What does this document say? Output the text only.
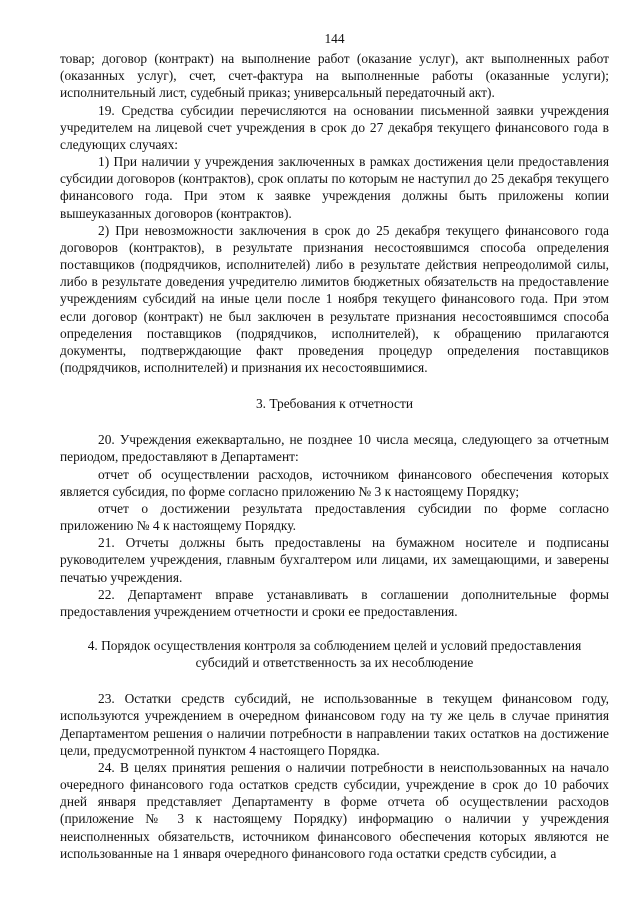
144

товар; договор (контракт) на выполнение работ (оказание услуг), акт выполненных работ (оказанных услуг), счет, счет-фактура на выполненные работы (оказанные услуги); исполнительный лист, судебный приказ; универсальный передаточный акт).

19. Средства субсидии перечисляются на основании письменной заявки учреждения учредителем на лицевой счет учреждения в срок до 27 декабря текущего финансового года в следующих случаях:

1) При наличии у учреждения заключенных в рамках достижения цели предоставления субсидии договоров (контрактов), срок оплаты по которым не наступил до 25 декабря текущего финансового года. При этом к заявке учреждения должны быть приложены копии вышеуказанных договоров (контрактов).

2) При невозможности заключения в срок до 25 декабря текущего финансового года договоров (контрактов), в результате признания несостоявшимся способа определения поставщиков (подрядчиков, исполнителей) либо в результате действия непреодолимой силы, либо в результате доведения учредителю лимитов бюджетных обязательств на предоставление учреждениям субсидий на иные цели после 1 ноября текущего финансового года. При этом если договор (контракт) не был заключен в результате признания несостоявшимся способа определения поставщиков (подрядчиков, исполнителей), к обращению прилагаются документы, подтверждающие факт проведения процедур определения поставщиков (подрядчиков, исполнителей) и признания их несостоявшимися.

3. Требования к отчетности

20. Учреждения ежеквартально, не позднее 10 числа месяца, следующего за отчетным периодом, предоставляют в Департамент:

отчет об осуществлении расходов, источником финансового обеспечения которых является субсидия, по форме согласно приложению № 3 к настоящему Порядку;

отчет о достижении результата предоставления субсидии по форме согласно приложению № 4 к настоящему Порядку.

21. Отчеты должны быть предоставлены на бумажном носителе и подписаны руководителем учреждения, главным бухгалтером или лицами, их замещающими, и заверены печатью учреждения.

22. Департамент вправе устанавливать в соглашении дополнительные формы предоставления учреждением отчетности и сроки ее предоставления.

4. Порядок осуществления контроля за соблюдением целей и условий предоставления субсидий и ответственность за их несоблюдение

23. Остатки средств субсидий, не использованные в текущем финансовом году, используются учреждением в очередном финансовом году на ту же цель в случае принятия Департаментом решения о наличии потребности в направлении таких остатков на достижение цели, предусмотренной пунктом 4 настоящего Порядка.

24. В целях принятия решения о наличии потребности в неиспользованных на начало очередного финансового года остатков средств субсидии, учреждение в срок до 10 рабочих дней января представляет Департаменту в форме отчета об осуществлении расходов (приложение № 3 к настоящему Порядку) информацию о наличии у учреждения неисполненных обязательств, источником финансового обеспечения которых являются не использованные на 1 января очередного финансового года остатки средств субсидии, а
